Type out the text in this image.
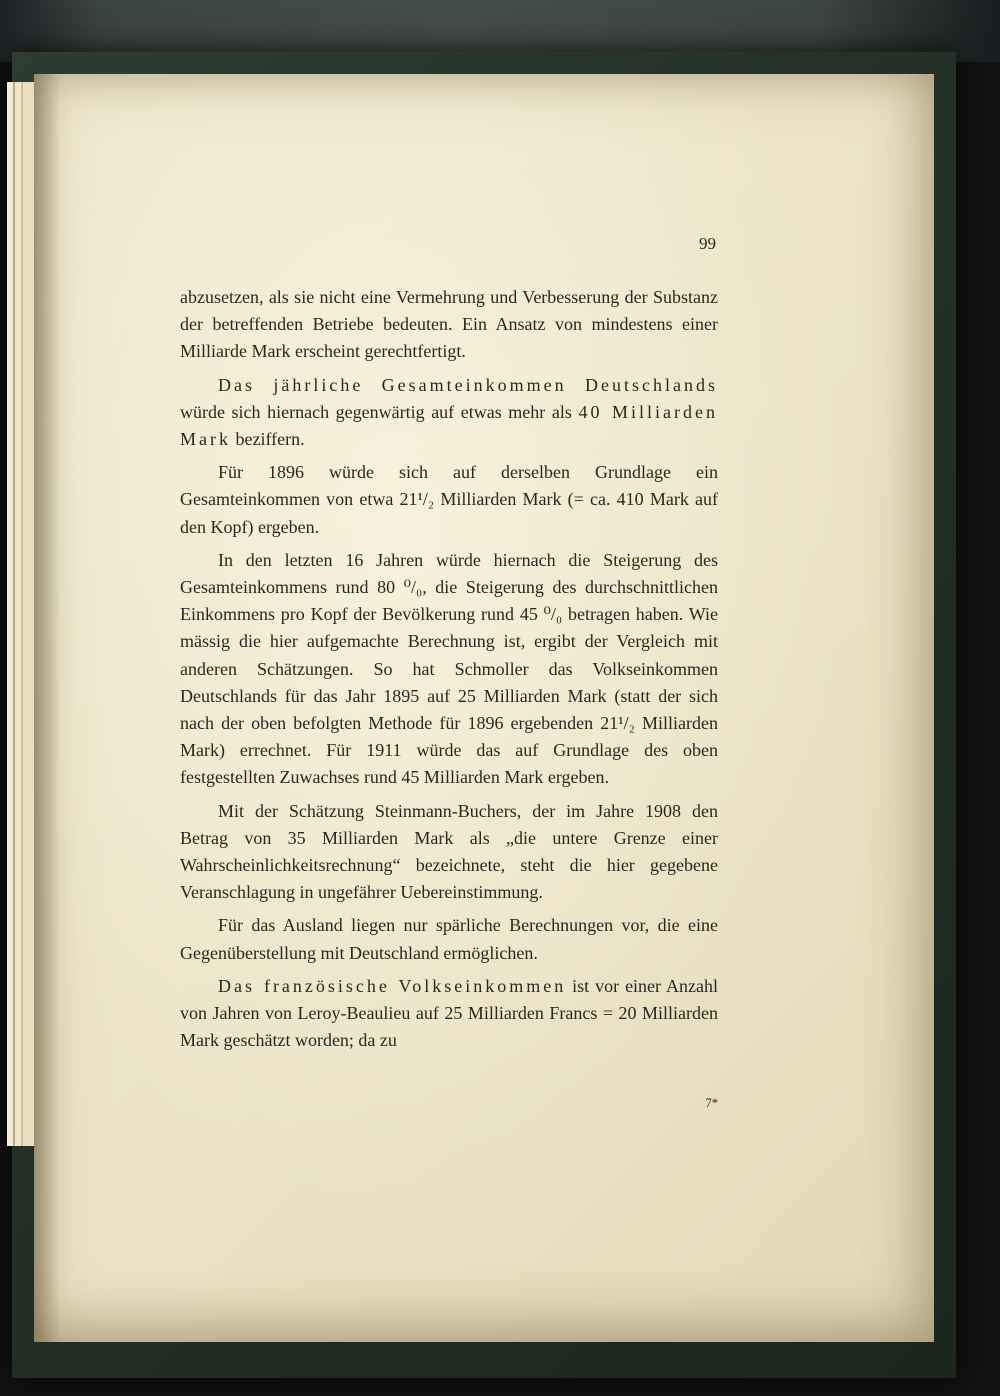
99

abzusetzen, als sie nicht eine Vermehrung und Verbesserung der Substanz der betreffenden Betriebe bedeuten. Ein Ansatz von mindestens einer Milliarde Mark erscheint gerechtfertigt.

Das jährliche Gesamteinkommen Deutschlands würde sich hiernach gegenwärtig auf etwas mehr als 40 Milliarden Mark beziffern.

Für 1896 würde sich auf derselben Grundlage ein Gesamteinkommen von etwa 21¹/₂ Milliarden Mark (= ca. 410 Mark auf den Kopf) ergeben.

In den letzten 16 Jahren würde hiernach die Steigerung des Gesamteinkommens rund 80 ⁰/₀, die Steigerung des durchschnittlichen Einkommens pro Kopf der Bevölkerung rund 45 ⁰/₀ betragen haben. Wie mässig die hier aufgemachte Berechnung ist, ergibt der Vergleich mit anderen Schätzungen. So hat Schmoller das Volkseinkommen Deutschlands für das Jahr 1895 auf 25 Milliarden Mark (statt der sich nach der oben befolgten Methode für 1896 ergebenden 21¹/₂ Milliarden Mark) errechnet. Für 1911 würde das auf Grundlage des oben festgestellten Zuwachses rund 45 Milliarden Mark ergeben.

Mit der Schätzung Steinmann-Buchers, der im Jahre 1908 den Betrag von 35 Milliarden Mark als „die untere Grenze einer Wahrscheinlichkeitsrechnung“ bezeichnete, steht die hier gegebene Veranschlagung in ungefährer Uebereinstimmung.

Für das Ausland liegen nur spärliche Berechnungen vor, die eine Gegenüberstellung mit Deutschland ermöglichen.

Das französische Volkseinkommen ist vor einer Anzahl von Jahren von Leroy-Beaulieu auf 25 Milliarden Francs = 20 Milliarden Mark geschätzt worden; da zu

7*
